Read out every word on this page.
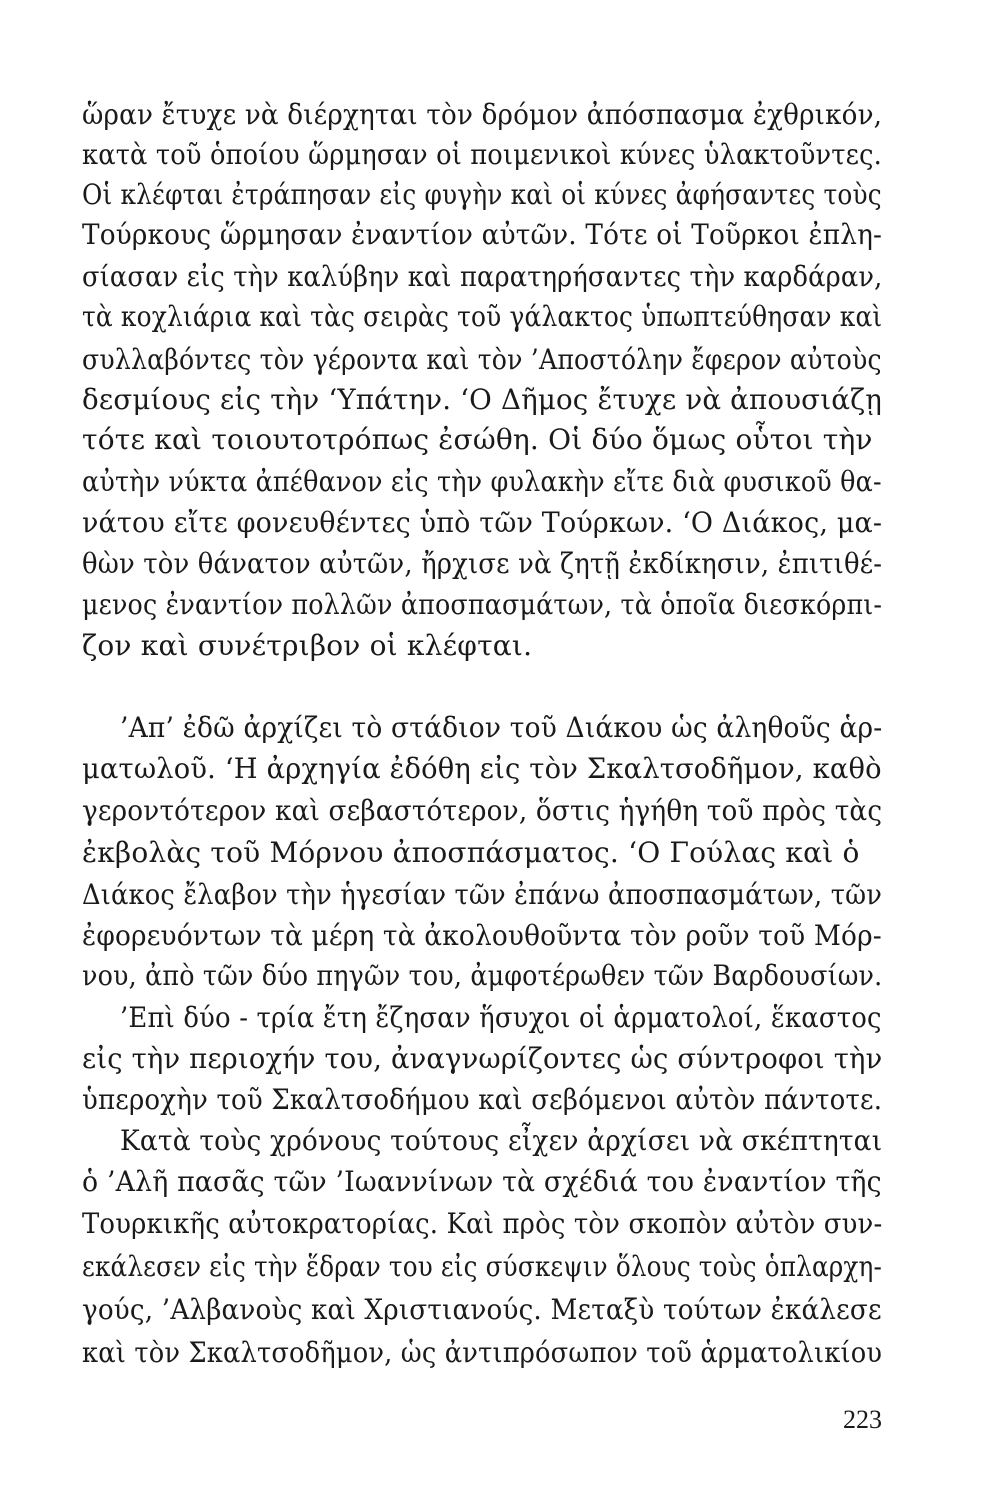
ὥραν ἔτυχε νὰ διέρχηται τὸν δρόμον ἀπόσπασμα ἐχθρικόν,
κατὰ τοῦ ὁποίου ὥρμησαν οἱ ποιμενικοὶ κύνες ὑλακτοῦντες.
Οἱ κλέφται ἐτράπησαν εἰς φυγὴν καὶ οἱ κύνες ἀφήσαντες τοὺς
Τούρκους ὥρμησαν ἐναντίον αὐτῶν. Τότε οἱ Τοῦρκοι ἐπλη-
σίασαν εἰς τὴν καλύβην καὶ παρατηρήσαντες τὴν καρδάραν,
τὰ κοχλιάρια καὶ τὰς σειρὰς τοῦ γάλακτος ὑπωπτεύθησαν καὶ
συλλαβόντες τὸν γέροντα καὶ τὸν ’Αποστόλην ἔφερον αὐτοὺς
δεσμίους εἰς τὴν ‘Υπάτην. ‘Ο Δῆμος ἔτυχε νὰ ἀπουσιάζῃ
τότε καὶ τοιουτοτρόπως ἐσώθη. Οἱ δύο ὅμως οὗτοι τὴν
αὐτὴν νύκτα ἀπέθανον εἰς τὴν φυλακὴν εἴτε διὰ φυσικοῦ θα-
νάτου εἴτε φονευθέντες ὑπὸ τῶν Τούρκων. ‘Ο Διάκος, μα-
θὼν τὸν θάνατον αὐτῶν, ἤρχισε νὰ ζητῇ ἐκδίκησιν, ἐπιτιθέ-
μενος ἐναντίον πολλῶν ἀποσπασμάτων, τὰ ὁποῖα διεσκόρπι-
ζον καὶ συνέτριβον οἱ κλέφται.
’Απ’ ἐδῶ ἀρχίζει τὸ στάδιον τοῦ Διάκου ὡς ἀληθοῦς ἁρ-
ματωλοῦ. ‘Η ἀρχηγία ἐδόθη εἰς τὸν Σκαλτσοδῆμον, καθὸ
γεροντότερον καὶ σεβαστότερον, ὅστις ἡγήθη τοῦ πρὸς τὰς
ἐκβολὰς τοῦ Μόρνου ἀποσπάσματος. ‘Ο Γούλας καὶ ὁ
Διάκος ἔλαβον τὴν ἡγεσίαν τῶν ἐπάνω ἀποσπασμάτων, τῶν
ἐφορευόντων τὰ μέρη τὰ ἀκολουθοῦντα τὸν ροῦν τοῦ Μόρ-
νου, ἀπὸ τῶν δύο πηγῶν του, ἀμφοτέρωθεν τῶν Βαρδουσίων.
’Επὶ δύο - τρία ἔτη ἔζησαν ἥσυχοι οἱ ἁρματολοί, ἕκαστος
εἰς τὴν περιοχήν του, ἀναγνωρίζοντες ὡς σύντροφοι τὴν
ὑπεροχὴν τοῦ Σκαλτσοδήμου καὶ σεβόμενοι αὐτὸν πάντοτε.
Κατὰ τοὺς χρόνους τούτους εἶχεν ἀρχίσει νὰ σκέπτηται
ὁ ’Αλῆ πασᾶς τῶν ’Ιωαννίνων τὰ σχέδιά του ἐναντίον τῆς
Τουρκικῆς αὐτοκρατορίας. Καὶ πρὸς τὸν σκοπὸν αὐτὸν συν-
εκάλεσεν εἰς τὴν ἕδραν του εἰς σύσκεψιν ὅλους τοὺς ὁπλαρχη-
γούς, ’Αλβανοὺς καὶ Χριστιανούς. Μεταξὺ τούτων ἐκάλεσε
καὶ τὸν Σκαλτσοδῆμον, ὡς ἀντιπρόσωπον τοῦ ἁρματολικίου
223
